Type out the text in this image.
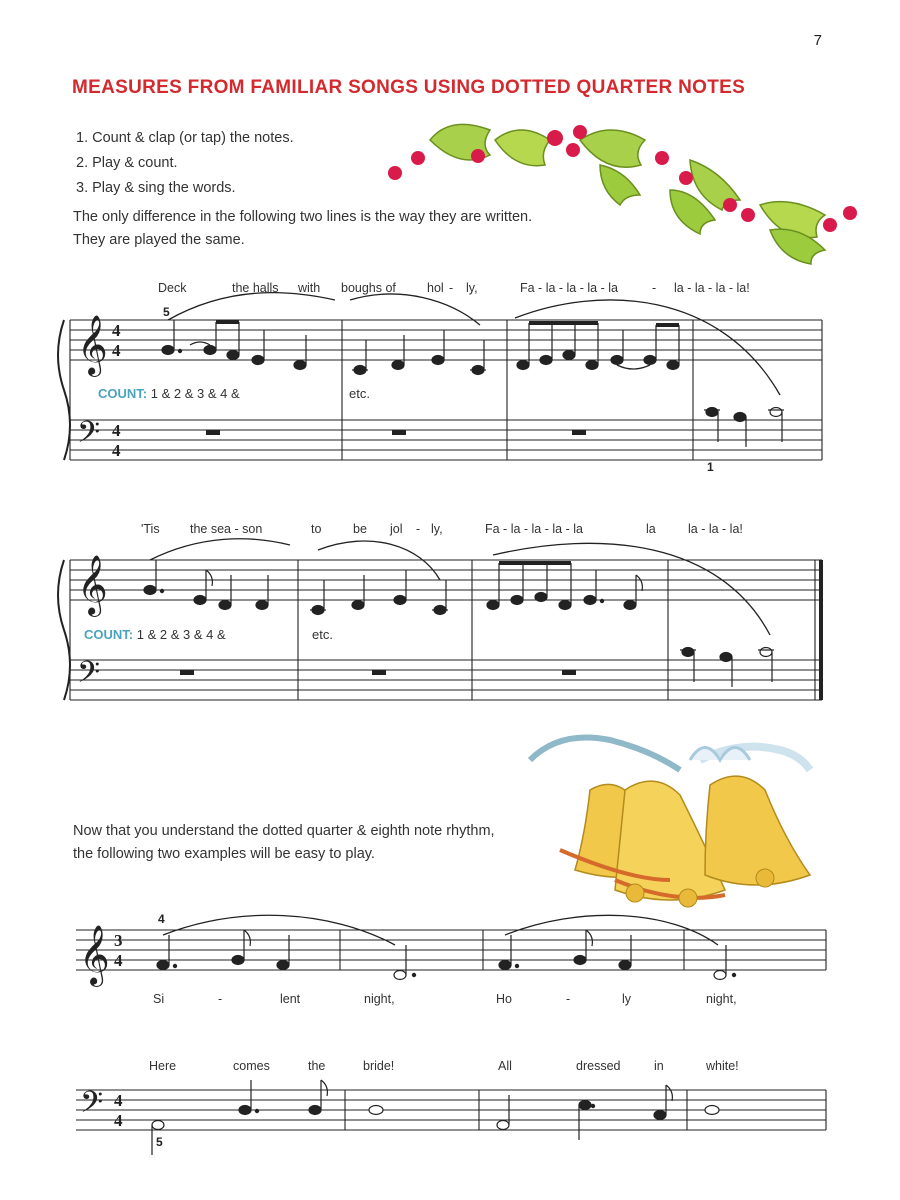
7
MEASURES FROM FAMILIAR SONGS USING DOTTED QUARTER NOTES
1. Count & clap (or tap) the notes.
2. Play & count.
3. Play & sing the words.
The only difference in the following two lines is the way they are written.
They are played the same.
Deck	the halls with boughs of hol - ly,	Fa - la - la - la - la	- la - la - la - la!
5
COUNT: 1 & 2 & 3 & 4 &	etc.
1
𝄞
𝄢
4
4
4
4
'Tis the sea - son	to	be jol - ly,	Fa - la - la - la - la	la	la - la - la!
COUNT: 1 & 2 & 3 & 4 &	etc.
𝄞
𝄢
Now that you understand the dotted quarter & eighth note rhythm,
the following two examples will be easy to play.
4
𝄞 3
4
Si	-	lent	night,	Ho	-	ly	night,
Here	comes	the	bride!	All	dressed	in	white!
𝄢 4
4
5
